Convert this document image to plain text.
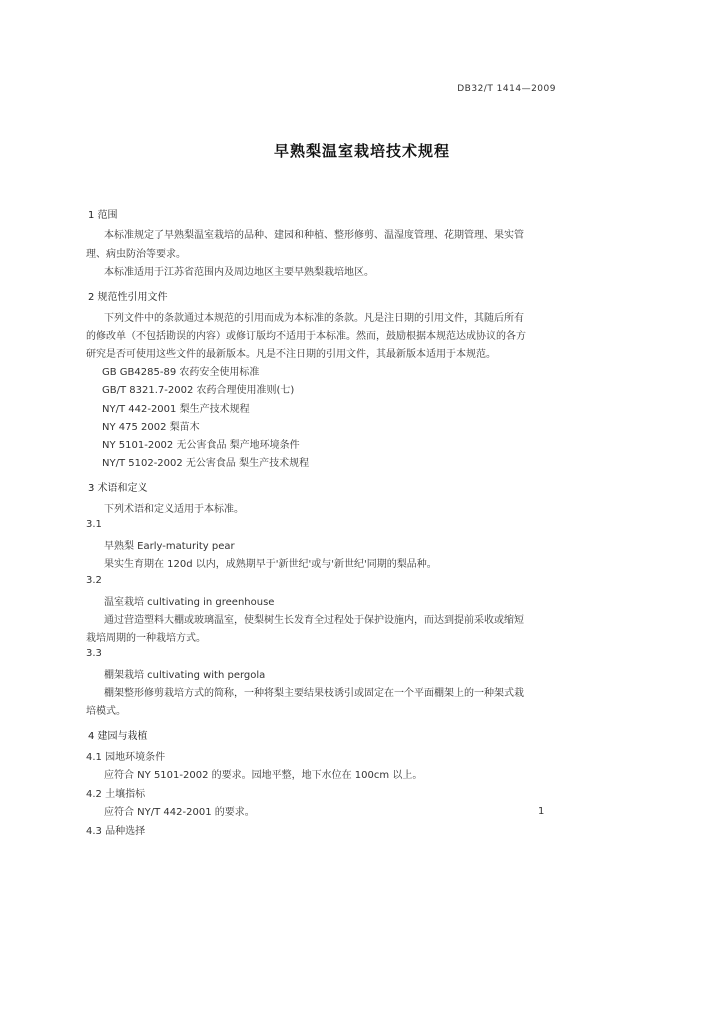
DB32/T 1414—2009
早熟梨温室栽培技术规程
1 范围
本标准规定了早熟梨温室栽培的品种、建园和种植、整形修剪、温湿度管理、花期管理、果实管
理、病虫防治等要求。
本标准适用于江苏省范围内及周边地区主要早熟梨栽培地区。
2 规范性引用文件
下列文件中的条款通过本规范的引用而成为本标准的条款。凡是注日期的引用文件，其随后所有
的修改单（不包括勘误的内容）或修订版均不适用于本标准。然而，鼓励根据本规范达成协议的各方
研究是否可使用这些文件的最新版本。凡是不注日期的引用文件，其最新版本适用于本规范。
GB GB4285-89 农药安全使用标准
GB/T 8321.7-2002 农药合理使用准则(七)
NY/T 442-2001 梨生产技术规程
NY 475 2002 梨苗木
NY 5101-2002 无公害食品 梨产地环境条件
NY/T 5102-2002 无公害食品 梨生产技术规程
3 术语和定义
下列术语和定义适用于本标准。
3.1
早熟梨 Early-maturity pear
果实生育期在 120d 以内，成熟期早于'新世纪'或与'新世纪'同期的梨品种。
3.2
温室栽培 cultivating in greenhouse
通过营造塑料大棚或玻璃温室，使梨树生长发育全过程处于保护设施内，而达到提前采收或缩短
栽培周期的一种栽培方式。
3.3
棚架栽培 cultivating with pergola
棚架整形修剪栽培方式的简称，一种将梨主要结果枝诱引或固定在一个平面棚架上的一种架式栽
培模式。
4 建园与栽植
4.1 园地环境条件
应符合 NY 5101-2002 的要求。园地平整，地下水位在 100cm 以上。
4.2 土壤指标
应符合 NY/T 442-2001 的要求。
4.3 品种选择
1
